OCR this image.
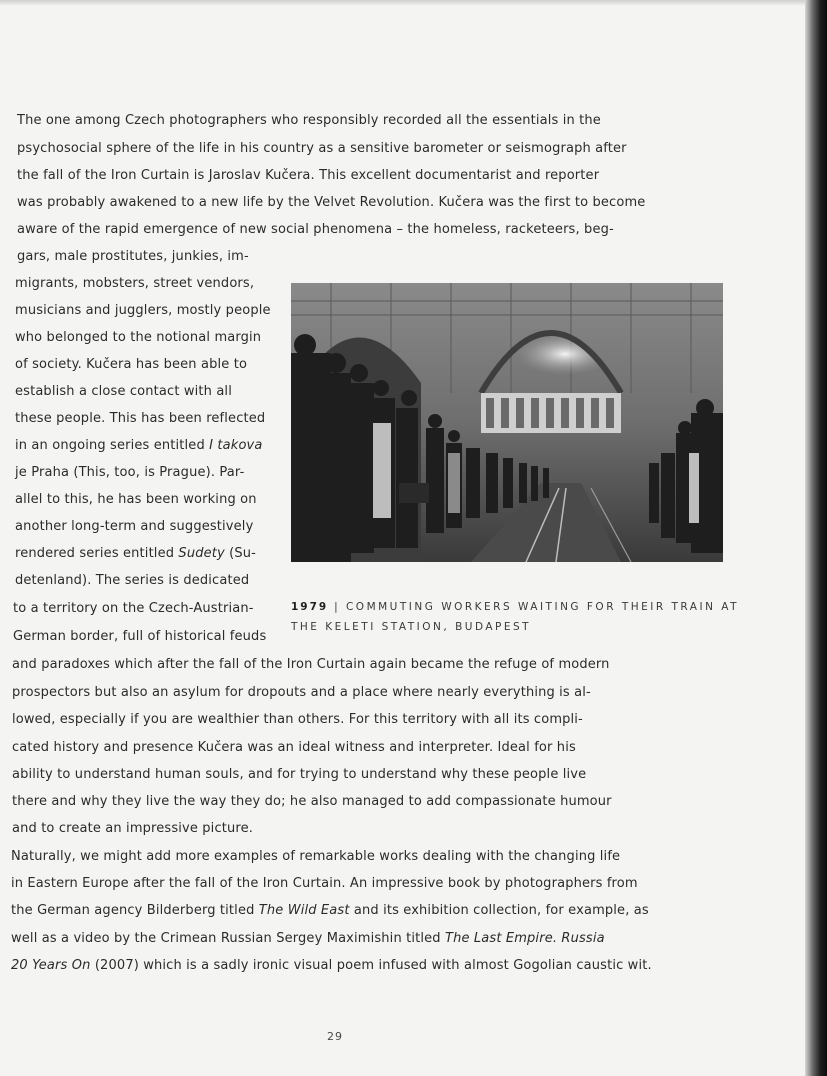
The one among Czech photographers who responsibly recorded all the essentials in the

psychosocial sphere of the life in his country as a sensitive barometer or seismograph after

the fall of the Iron Curtain is Jaroslav Kučera. This excellent documentarist and reporter

was probably awakened to a new life by the Velvet Revolution. Kučera was the first to become

aware of the rapid emergence of new social phenomena – the homeless, racketeers, beg-

gars, male prostitutes, junkies, im-

migrants, mobsters, street vendors,

musicians and jugglers, mostly people

who belonged to the notional margin

of society. Kučera has been able to

establish a close contact with all

these people. This has been reflected

in an ongoing series entitled I takova

je Praha (This, too, is Prague). Par-

allel to this, he has been working on

another long-term and suggestively

rendered series entitled Sudety (Su-

detenland). The series is dedicated

to a territory on the Czech-Austrian-

German border, full of historical feuds

and paradoxes which after the fall of the Iron Curtain again became the refuge of modern

prospectors but also an asylum for dropouts and a place where nearly everything is al-

lowed, especially if you are wealthier than others. For this territory with all its compli-

cated history and presence Kučera was an ideal witness and interpreter. Ideal for his

ability to understand human souls, and for trying to understand why these people live

there and why they live the way they do; he also managed to add compassionate humour

and to create an impressive picture.

Naturally, we might add more examples of remarkable works dealing with the changing life

in Eastern Europe after the fall of the Iron Curtain. An impressive book by photographers from

the German agency Bilderberg titled The Wild East and its exhibition collection, for example, as

well as a video by the Crimean Russian Sergey Maximishin titled The Last Empire. Russia

20 Years On (2007) which is a sadly ironic visual poem infused with almost Gogolian caustic wit.

1979 | COMMUTING WORKERS WAITING FOR THEIR TRAIN AT THE KELETI STATION, BUDAPEST

29
